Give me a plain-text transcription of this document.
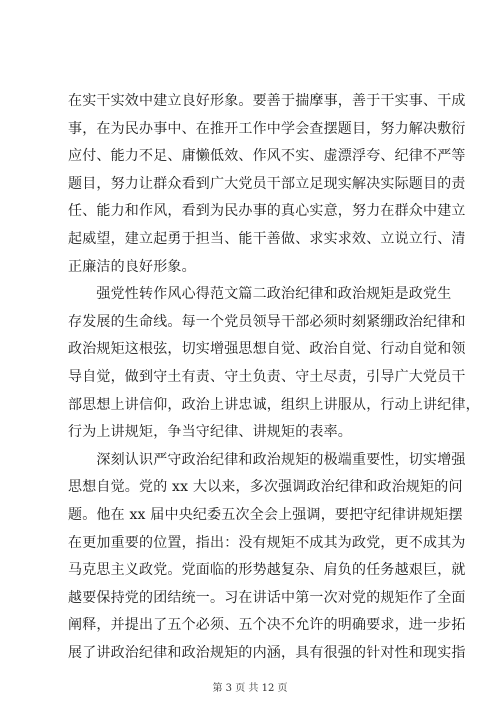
在实干实效中建立良好形象。要善于揣摩事，善于干实事、干成
事，在为民办事中、在推开工作中学会查摆题目，努力解决敷衍
应付、能力不足、庸懒低效、作风不实、虚漂浮夸、纪律不严等
题目，努力让群众看到广大党员干部立足现实解决实际题目的责
任、能力和作风，看到为民办事的真心实意，努力在群众中建立
起威望，建立起勇于担当、能干善做、求实求效、立说立行、清
正廉洁的良好形象。
　　强党性转作风心得范文篇二政治纪律和政治规矩是政党生
存发展的生命线。每一个党员领导干部必须时刻紧绷政治纪律和
政治规矩这根弦，切实增强思想自觉、政治自觉、行动自觉和领
导自觉，做到守土有责、守土负责、守土尽责，引导广大党员干
部思想上讲信仰，政治上讲忠诚，组织上讲服从，行动上讲纪律，
行为上讲规矩，争当守纪律、讲规矩的表率。
　　深刻认识严守政治纪律和政治规矩的极端重要性，切实增强
思想自觉。党的 xx 大以来，多次强调政治纪律和政治规矩的问
题。他在 xx 届中央纪委五次全会上强调，要把守纪律讲规矩摆
在更加重要的位置，指出：没有规矩不成其为政党，更不成其为
马克思主义政党。党面临的形势越复杂、肩负的任务越艰巨，就
越要保持党的团结统一。习在讲话中第一次对党的规矩作了全面
阐释，并提出了五个必须、五个决不允许的明确要求，进一步拓
展了讲政治纪律和政治规矩的内涵，具有很强的针对性和现实指
第 3 页 共 12 页
